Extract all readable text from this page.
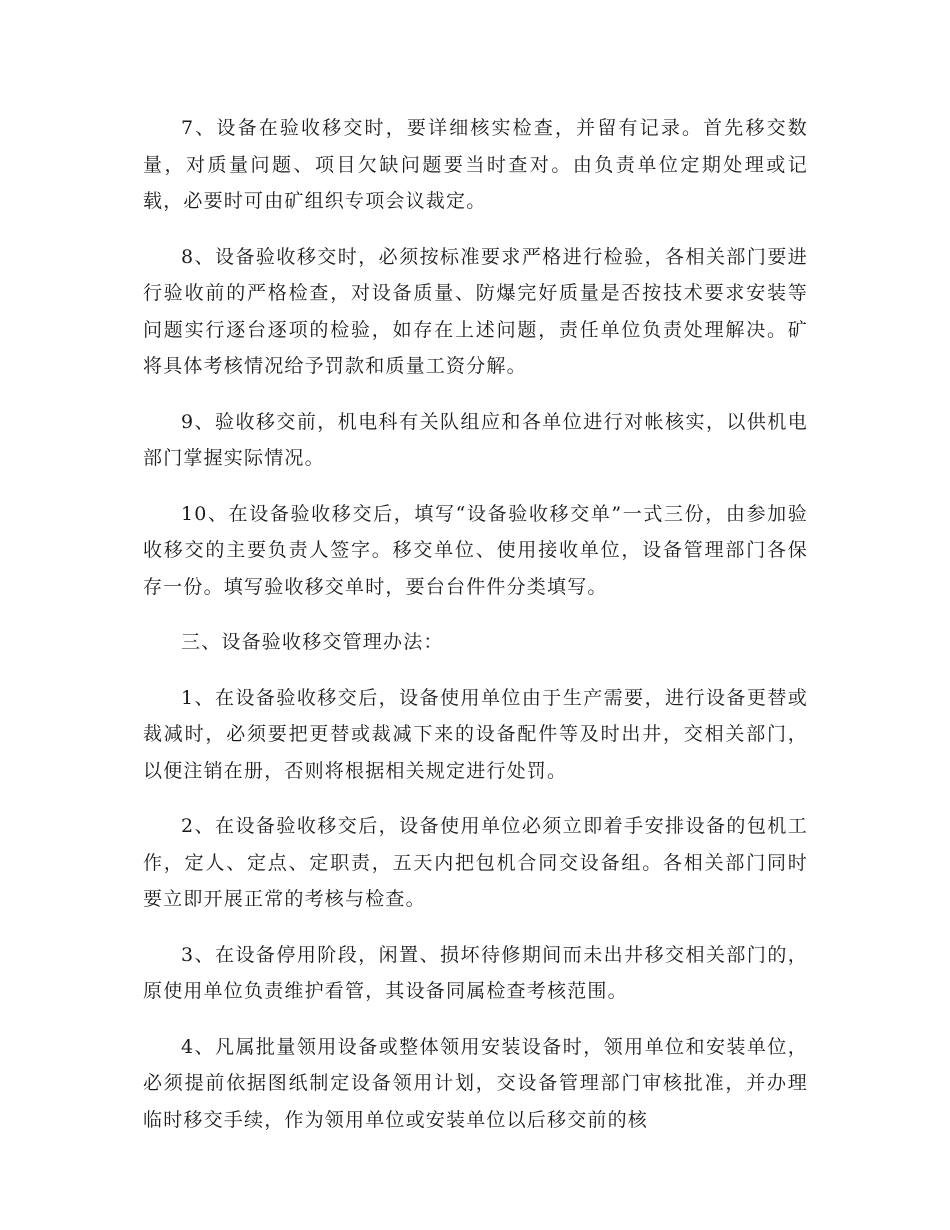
7、设备在验收移交时，要详细核实检查，并留有记录。首先移交数量，对质量问题、项目欠缺问题要当时查对。由负责单位定期处理或记载，必要时可由矿组织专项会议裁定。

8、设备验收移交时，必须按标准要求严格进行检验，各相关部门要进行验收前的严格检查，对设备质量、防爆完好质量是否按技术要求安装等问题实行逐台逐项的检验，如存在上述问题，责任单位负责处理解决。矿将具体考核情况给予罚款和质量工资分解。

9、验收移交前，机电科有关队组应和各单位进行对帐核实，以供机电部门掌握实际情况。

10、在设备验收移交后，填写“设备验收移交单”一式三份，由参加验收移交的主要负责人签字。移交单位、使用接收单位，设备管理部门各保存一份。填写验收移交单时，要台台件件分类填写。

三、设备验收移交管理办法：

1、在设备验收移交后，设备使用单位由于生产需要，进行设备更替或裁减时，必须要把更替或裁减下来的设备配件等及时出井，交相关部门，以便注销在册，否则将根据相关规定进行处罚。

2、在设备验收移交后，设备使用单位必须立即着手安排设备的包机工作，定人、定点、定职责，五天内把包机合同交设备组。各相关部门同时要立即开展正常的考核与检查。

3、在设备停用阶段，闲置、损坏待修期间而未出井移交相关部门的，原使用单位负责维护看管，其设备同属检查考核范围。

4、凡属批量领用设备或整体领用安装设备时，领用单位和安装单位，必须提前依据图纸制定设备领用计划，交设备管理部门审核批准，并办理临时移交手续，作为领用单位或安装单位以后移交前的核
